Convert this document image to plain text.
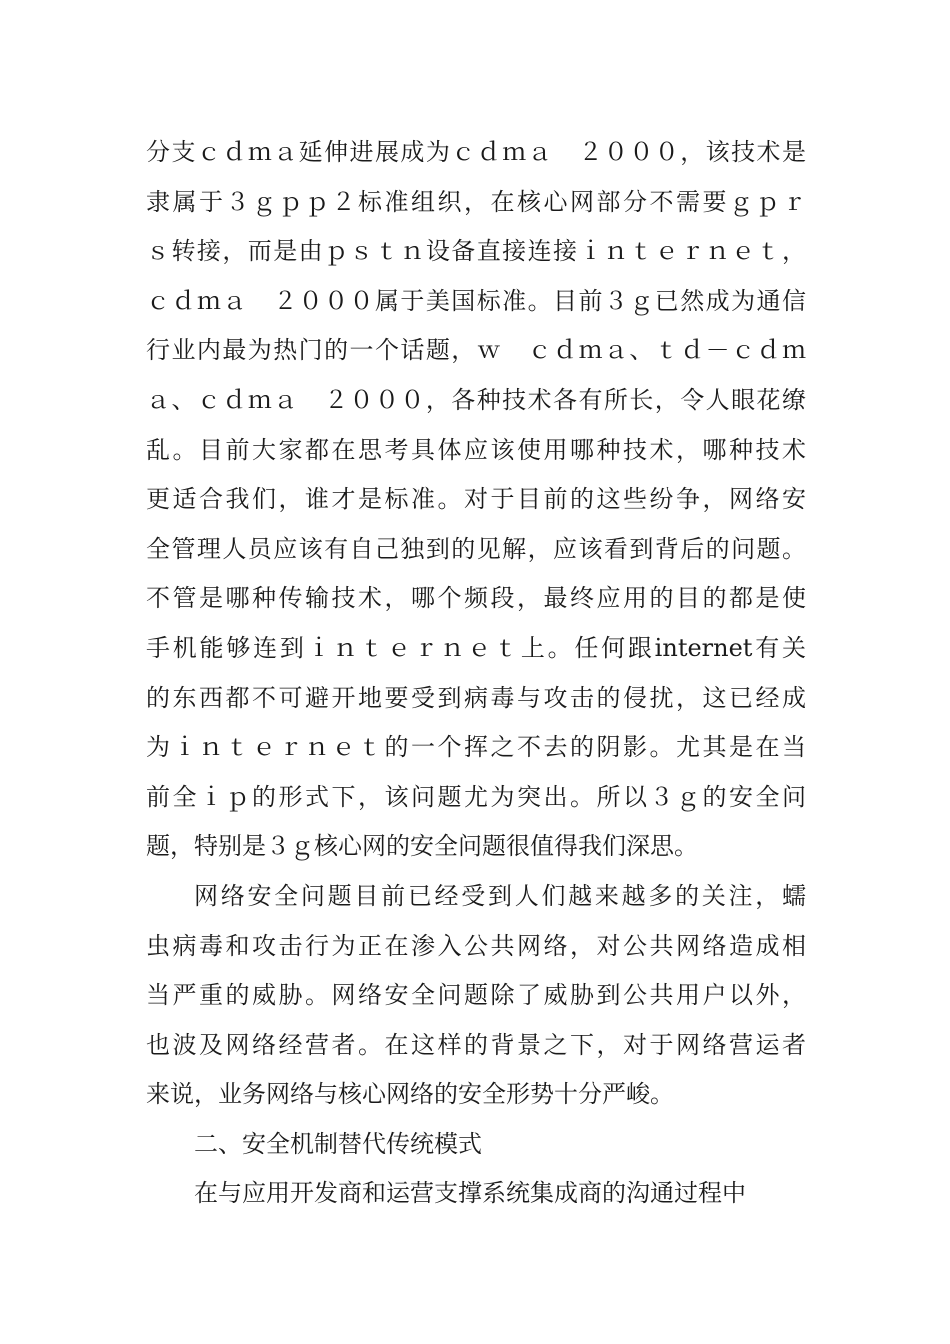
分支ｃｄｍａ延伸进展成为ｃｄｍａ　２０００，该技术是
隶属于３ｇｐｐ２标准组织，在核心网部分不需要ｇｐｒ
ｓ转接，而是由ｐｓｔｎ设备直接连接ｉｎｔｅｒｎｅｔ，
ｃｄｍａ　２０００属于美国标准。目前３ｇ已然成为通信
行业内最为热门的一个话题，ｗ　ｃｄｍａ、ｔｄ－ｃｄｍ
ａ、ｃｄｍａ　２０００，各种技术各有所长，令人眼花缭
乱。目前大家都在思考具体应该使用哪种技术，哪种技术
更适合我们，谁才是标准。对于目前的这些纷争，网络安
全管理人员应该有自己独到的见解，应该看到背后的问题。
不管是哪种传输技术，哪个频段，最终应用的目的都是使
手机能够连到ｉｎｔｅｒｎｅｔ上。任何跟internet有关
的东西都不可避开地要受到病毒与攻击的侵扰，这已经成
为ｉｎｔｅｒｎｅｔ的一个挥之不去的阴影。尤其是在当
前全ｉｐ的形式下，该问题尤为突出。所以３ｇ的安全问
题，特别是３ｇ核心网的安全问题很值得我们深思。
网络安全问题目前已经受到人们越来越多的关注，蠕
虫病毒和攻击行为正在渗入公共网络，对公共网络造成相
当严重的威胁。网络安全问题除了威胁到公共用户以外，
也波及网络经营者。在这样的背景之下，对于网络营运者
来说，业务网络与核心网络的安全形势十分严峻。
二、安全机制替代传统模式
在与应用开发商和运营支撑系统集成商的沟通过程中
